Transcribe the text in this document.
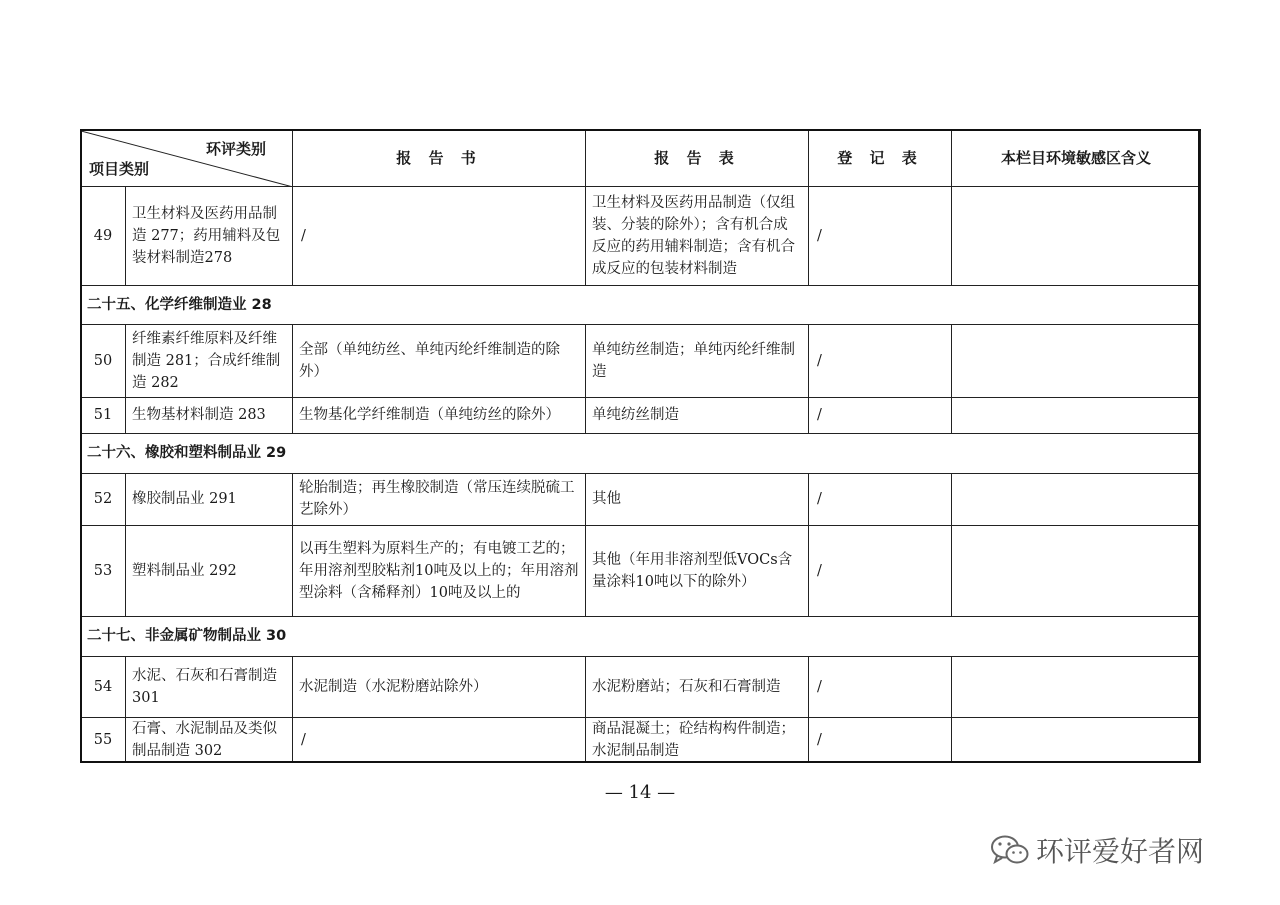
环评类别
项目类别		报 告 书	报 告 表	登 记 表	本栏目环境敏感区含义
49	卫生材料及医药用品制造 277；药用辅料及包装材料制造278	/	卫生材料及医药用品制造（仅组装、分装的除外）；含有机合成反应的药用辅料制造；含有机合成反应的包装材料制造	/	
二十五、化学纤维制造业 28					
50	纤维素纤维原料及纤维制造 281；合成纤维制造 282	全部（单纯纺丝、单纯丙纶纤维制造的除外）	单纯纺丝制造；单纯丙纶纤维制造	/	
51	生物基材料制造 283	生物基化学纤维制造（单纯纺丝的除外）	单纯纺丝制造	/	
二十六、橡胶和塑料制品业 29					
52	橡胶制品业 291	轮胎制造；再生橡胶制造（常压连续脱硫工艺除外）	其他	/	
53	塑料制品业 292	以再生塑料为原料生产的；有电镀工艺的；年用溶剂型胶粘剂10吨及以上的；年用溶剂型涂料（含稀释剂）10吨及以上的	其他（年用非溶剂型低VOCs含量涂料10吨以下的除外）	/	
二十七、非金属矿物制品业 30					
54	水泥、石灰和石膏制造 301	水泥制造（水泥粉磨站除外）	水泥粉磨站；石灰和石膏制造	/	
55	石膏、水泥制品及类似制品制造 302	/	商品混凝土；砼结构构件制造；水泥制品制造	/	
— 14 —
环评爱好者网
